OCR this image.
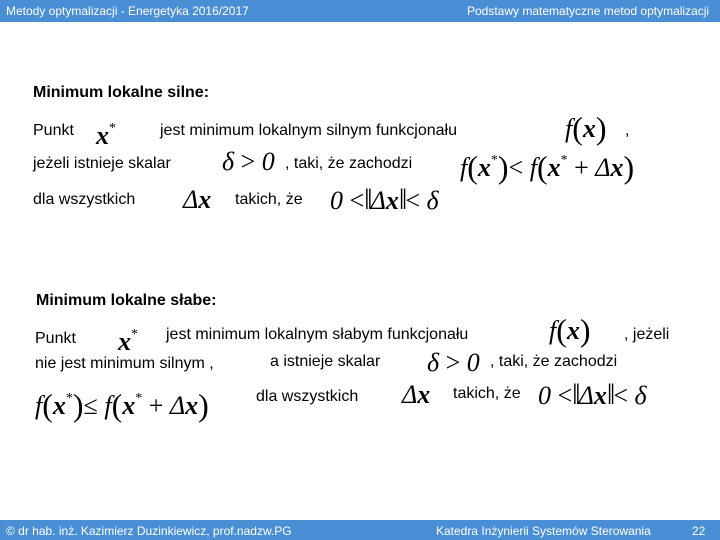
Metody optymalizacji - Energetyka 2016/2017	Podstawy matematyczne metod optymalizacji
Minimum lokalne silne:
Punkt x*	jest minimum lokalnym silnym funkcjonału	f(x) ,
jeżeli istnieje skalar δ > 0 , taki, że zachodzi f(x*)< f(x* + Δx)
dla wszystkich Δx takich, że 0 <‖Δx‖< δ
Minimum lokalne słabe:
Punkt x* jest minimum lokalnym słabym funkcjonału	f(x) , jeżeli
nie jest minimum silnym ,	a istnieje skalar δ > 0 , taki, że zachodzi
f(x*)≤ f(x* + Δx)	dla wszystkich Δx takich, że 0 <‖Δx‖< δ
© dr hab. inż. Kazimierz Duzinkiewicz, prof.nadzw.PG	Katedra Inżynierii Systemów Sterowania	22
